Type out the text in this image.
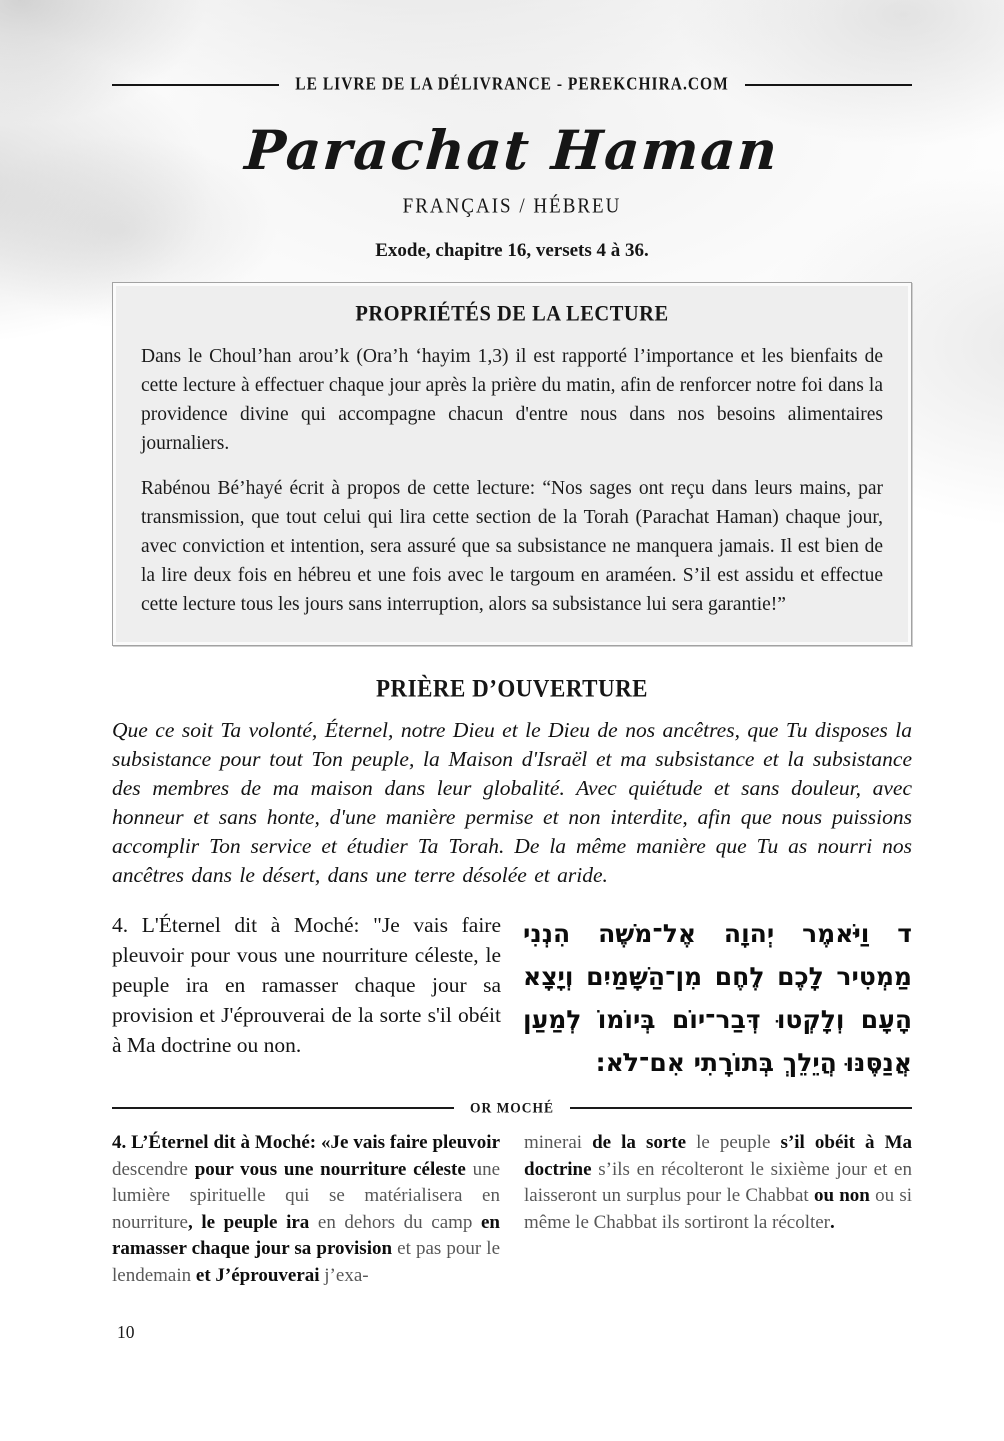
LE LIVRE DE LA DÉLIVRANCE - PEREKCHIRA.COM
Parachat Haman
FRANÇAIS / HÉBREU
Exode, chapitre 16, versets 4 à 36.
PROPRIÉTÉS DE LA LECTURE
Dans le Choul’han arou’k (Ora’h ‘hayim 1,3) il est rapporté l’importance et les bienfaits de cette lecture à effectuer chaque jour après la prière du matin, afin de renforcer notre foi dans la providence divine qui accompagne chacun d'entre nous dans nos besoins alimentaires journaliers.
Rabénou Bé’hayé écrit à propos de cette lecture: “Nos sages ont reçu dans leurs mains, par transmission, que tout celui qui lira cette section de la Torah (Parachat Haman) chaque jour, avec conviction et intention, sera assuré que sa subsistance ne manquera jamais. Il est bien de la lire deux fois en hébreu et une fois avec le targoum en araméen. S’il est assidu et effectue cette lecture tous les jours sans interruption, alors sa subsistance lui sera garantie!”
PRIÈRE D’OUVERTURE
Que ce soit Ta volonté, Éternel, notre Dieu et le Dieu de nos ancêtres, que Tu disposes la subsistance pour tout Ton peuple, la Maison d'Israël et ma subsistance et la subsistance des membres de ma maison dans leur globalité. Avec quiétude et sans douleur, avec honneur et sans honte, d'une manière permise et non interdite, afin que nous puissions accomplir Ton service et étudier Ta Torah. De la même manière que Tu as nourri nos ancêtres dans le désert, dans une terre désolée et aride.
4. L'Éternel dit à Moché: "Je vais faire pleuvoir pour vous une nourriture céleste, le peuple ira en ramasser chaque jour sa provision et J'éprouverai de la sorte s'il obéit à Ma doctrine ou non.
ד וַיֹּאמֶר יְהוָה אֶל־מֹשֶׁה הִנְנִי
מַמְטִיר לָכֶם לֶחֶם מִן־הַשָּׁמַיִם וְיָצָא
הָעָם וְלָקְטוּ דְּבַר־יוֹם בְּיוֹמוֹ לְמַעַן
אֲנַסֶּנּוּ הֲיֵלֵךְ בְּתוֹרָתִי אִם־לֹא:
OR MOCHÉ
4. L’Éternel dit à Moché: «Je vais faire pleuvoir descendre pour vous une nourriture céleste une lumière spirituelle qui se matérialisera en nourriture, le peuple ira en dehors du camp en ramasser chaque jour sa provision et pas pour le lendemain et J’éprouverai j’exa-
minerai de la sorte le peuple s’il obéit à Ma doctrine s’ils en récolteront le sixième jour et en laisseront un surplus pour le Chabbat ou non ou si même le Chabbat ils sortiront la récolter.
10
